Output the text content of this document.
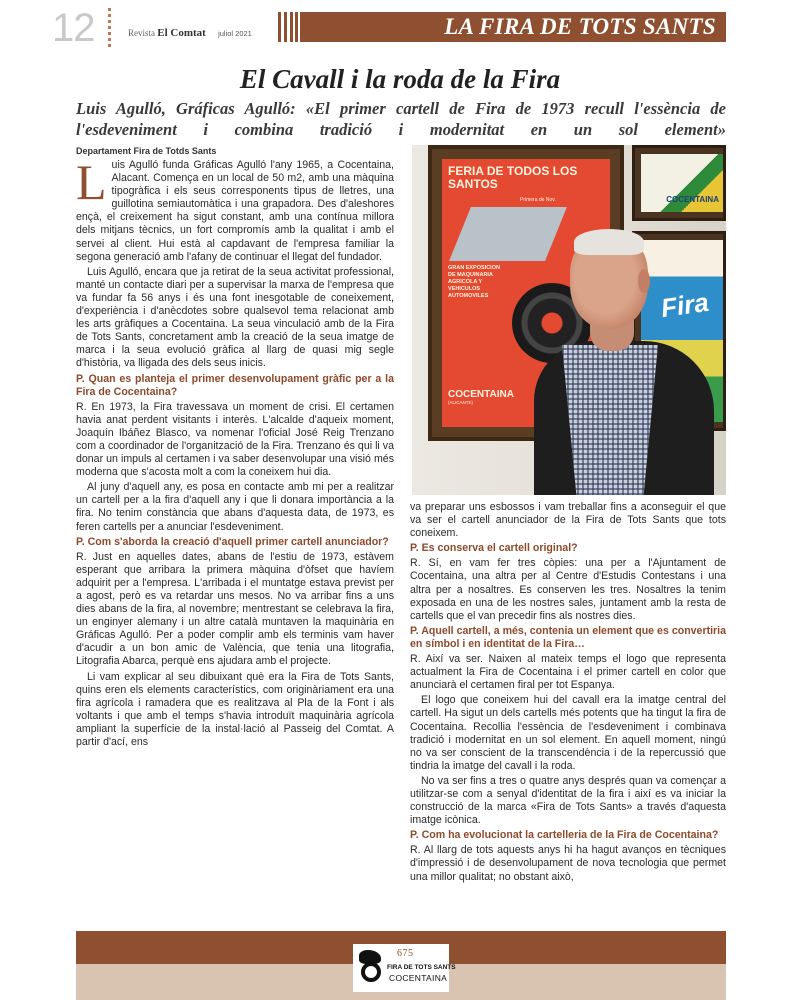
12	Revista El Comtat juliol 2021	LA FIRA DE TOTS SANTS
El Cavall i la roda de la Fira
Luis Agulló, Gráficas Agulló: «El primer cartell de Fira de 1973 recull l'essència de l'esdeveniment i combina tradició i modernitat en un sol element»
Departament Fira de Totds Sants

Luis Agulló funda Gráficas Agulló l'any 1965, a Cocentaina, Alacant. Comença en un local de 50 m2, amb una màquina tipogràfica i els seus corresponents tipus de lletres, una guillotina semiautomàtica i una grapadora. Des d'aleshores ençà, el creixement ha sigut constant, amb una contínua millora dels mitjans tècnics, un fort compromís amb la qualitat i amb el servei al client. Hui està al capdavant de l'empresa familiar la segona generació amb l'afany de continuar el llegat del fundador.

Luis Agulló, encara que ja retirat de la seua activitat professional, manté un contacte diari per a supervisar la marxa de l'empresa que va fundar fa 56 anys i és una font inesgotable de coneixement, d'experiència i d'anècdotes sobre qualsevol tema relacionat amb les arts gràfiques a Cocentaina. La seua vinculació amb de la Fira de Tots Sants, concretament amb la creació de la seua imatge de marca i la seua evolució gràfica al llarg de quasi mig segle d'història, va lligada des dels seus inicis.

P. Quan es planteja el primer desenvolupament gràfic per a la Fira de Cocentaina?

R. En 1973, la Fira travessava un moment de crisi. El certamen havia anat perdent visitants i interès. L'alcalde d'aqueix moment, Joaquín Ibáñez Blasco, va nomenar l'oficial José Reig Trenzano com a coordinador de l'organització de la Fira. Trenzano és qui li va donar un impuls al certamen i va saber desenvolupar una visió més moderna que s'acosta molt a com la coneixem hui dia.

Al juny d'aquell any, es posa en contacte amb mi per a realitzar un cartell per a la fira d'aquell any i que li donara importància a la fira. No tenim constància que abans d'aquesta data, de 1973, es feren cartells per a anunciar l'esdeveniment.

P. Com s'aborda la creació d'aquell primer cartell anunciador?

R. Just en aquelles dates, abans de l'estiu de 1973, estàvem esperant que arribara la primera màquina d'òfset que havíem adquirit per a l'empresa. L'arribada i el muntatge estava previst per a agost, però es va retardar uns mesos. No va arribar fins a uns dies abans de la fira, al novembre; mentrestant se celebrava la fira, un enginyer alemany i un altre català muntaven la maquinària en Gráficas Agulló. Per a poder complir amb els terminis vam haver d'acudir a un bon amic de València, que tenia una litografia, Litografia Abarca, perquè ens ajudara amb el projecte.

Li vam explicar al seu dibuixant què era la Fira de Tots Sants, quins eren els elements característics, com originàriament era una fira agrícola i ramadera que es realitzava al Pla de la Font i als voltants i que amb el temps s'havia introduït maquinària agrícola ampliant la superfície de la instal·lació al Passeig del Comtat. A partir d'ací, ens

FERIA DE TODOS LOS SANTOS
Primera de Nov.
GRAN EXPOSICION DE MAQUINARIA AGRICOLA Y VEHICULOS AUTOMOVILES
COCENTAINA
(ALICANTE)
COCENTAINA
Fira

va preparar uns esbossos i vam treballar fins a aconseguir el que va ser el cartell anunciador de la Fira de Tots Sants que tots coneixem.

P. Es conserva el cartell original?

R. Sí, en vam fer tres còpies: una per a l'Ajuntament de Cocentaina, una altra per al Centre d'Estudis Contestans i una altra per a nosaltres. Es conserven les tres. Nosaltres la tenim exposada en una de les nostres sales, juntament amb la resta de cartells que el van precedir fins als nostres dies.

P. Aquell cartell, a més, contenia un element que es convertiria en símbol i en identitat de la Fira…

R. Així va ser. Naixen al mateix temps el logo que representa actualment la Fira de Cocentaina i el primer cartell en color que anunciarà el certamen firal per tot Espanya.

El logo que coneixem hui del cavall era la imatge central del cartell. Ha sigut un dels cartells més potents que ha tingut la fira de Cocentaina. Recollia l'essència de l'esdeveniment i combinava tradició i modernitat en un sol element. En aquell moment, ningú no va ser conscient de la transcendència i de la repercussió que tindria la imatge del cavall i la roda.

No va ser fins a tres o quatre anys després quan va començar a utilitzar-se com a senyal d'identitat de la fira i així es va iniciar la construcció de la marca «Fira de Tots Sants» a través d'aquesta imatge icònica.

P. Com ha evolucionat la cartelleria de la Fira de Cocentaina?

R. Al llarg de tots aquests anys hi ha hagut avanços en tècniques d'impressió i de desenvolupament de nova tecnologia que permet una millor qualitat; no obstant això,

675
FIRA DE TOTS SANTS
COCENTAINA
